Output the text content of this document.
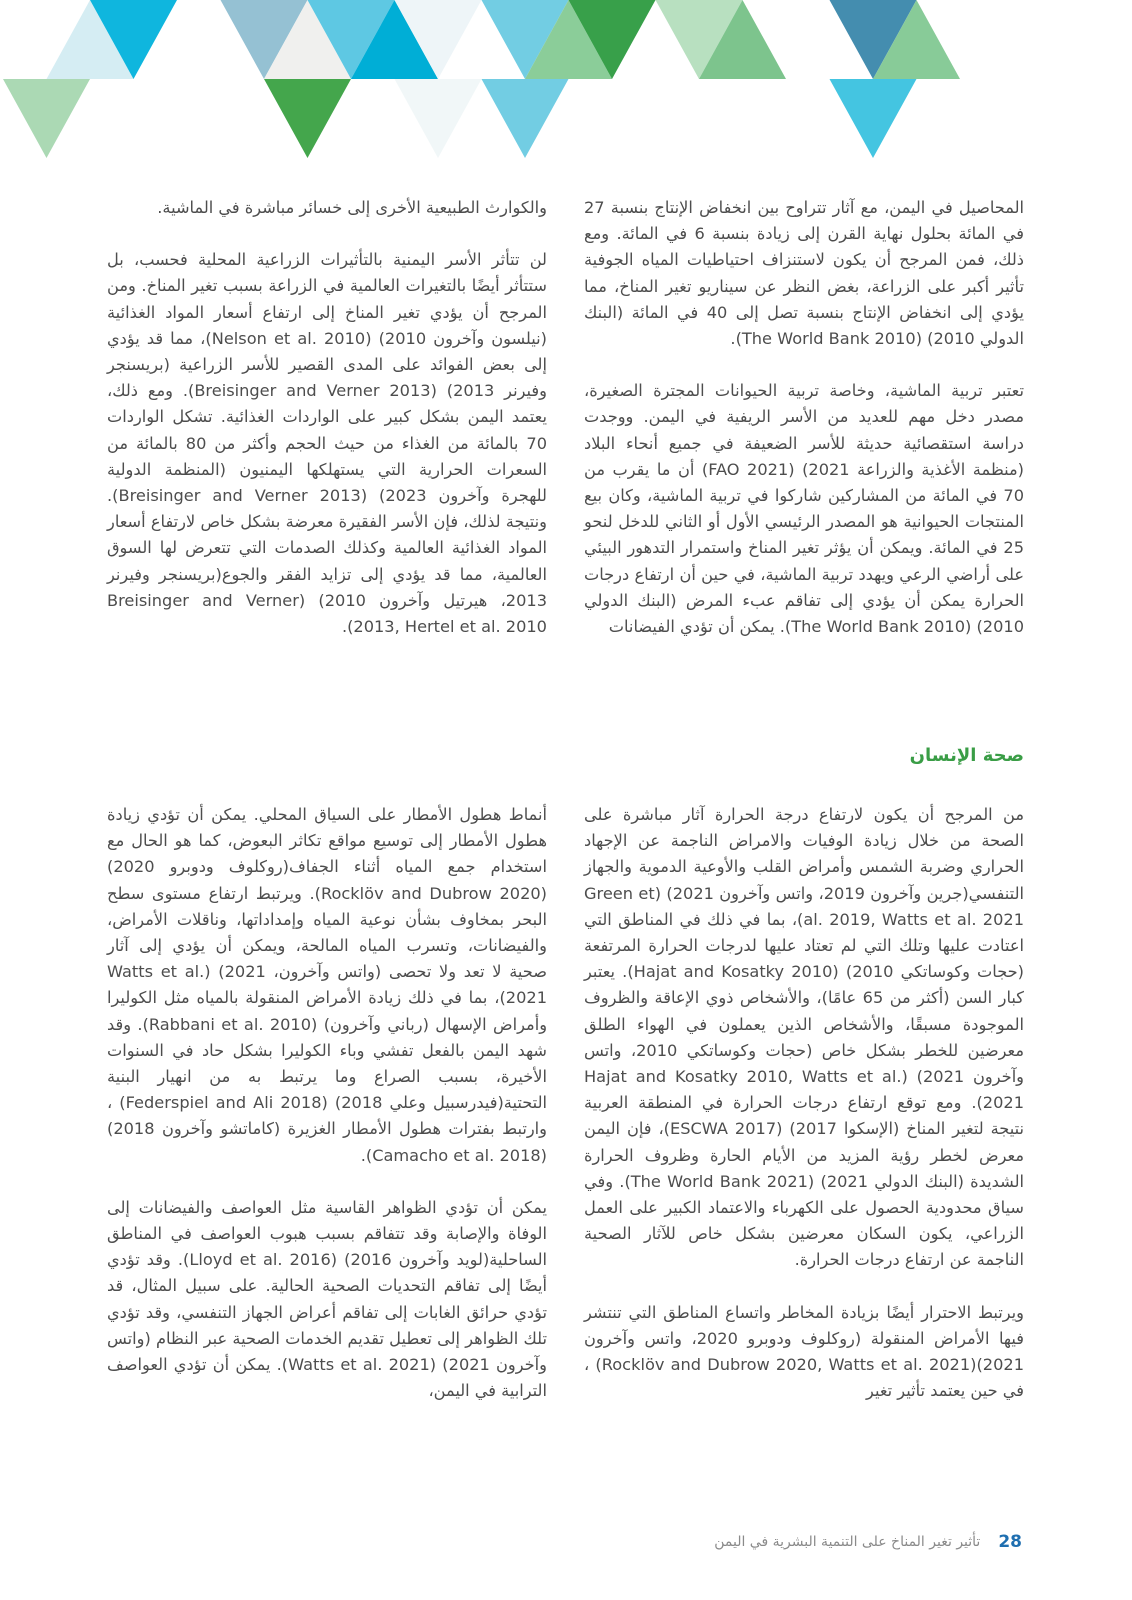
المحاصيل في اليمن، مع آثار تتراوح بين انخفاض الإنتاج بنسبة 27 في المائة بحلول نهاية القرن إلى زيادة بنسبة 6 في المائة. ومع ذلك، فمن المرجح أن يكون لاستنزاف احتياطيات المياه الجوفية تأثير أكبر على الزراعة، بغض النظر عن سيناريو تغير المناخ، مما يؤدي إلى انخفاض الإنتاج بنسبة تصل إلى 40 في المائة (البنك الدولي 2010) (The World Bank 2010).

تعتبر تربية الماشية، وخاصة تربية الحيوانات المجترة الصغيرة، مصدر دخل مهم للعديد من الأسر الريفية في اليمن. ووجدت دراسة استقصائية حديثة للأسر الضعيفة في جميع أنحاء البلاد (منظمة الأغذية والزراعة 2021) (FAO 2021) أن ما يقرب من 70 في المائة من المشاركين شاركوا في تربية الماشية، وكان بيع المنتجات الحيوانية هو المصدر الرئيسي الأول أو الثاني للدخل لنحو 25 في المائة. ويمكن أن يؤثر تغير المناخ واستمرار التدهور البيئي على أراضي الرعي ويهدد تربية الماشية، في حين أن ارتفاع درجات الحرارة يمكن أن يؤدي إلى تفاقم عبء المرض (البنك الدولي 2010) (The World Bank 2010). يمكن أن تؤدي الفيضانات

والكوارث الطبيعية الأخرى إلى خسائر مباشرة في الماشية.

لن تتأثر الأسر اليمنية بالتأثيرات الزراعية المحلية فحسب، بل ستتأثر أيضًا بالتغيرات العالمية في الزراعة بسبب تغير المناخ. ومن المرجح أن يؤدي تغير المناخ إلى ارتفاع أسعار المواد الغذائية (نيلسون وآخرون 2010) (Nelson et al. 2010)، مما قد يؤدي إلى بعض الفوائد على المدى القصير للأسر الزراعية (بريسنجر وفيرنر 2013) (Breisinger and Verner 2013). ومع ذلك، يعتمد اليمن بشكل كبير على الواردات الغذائية. تشكل الواردات 70 بالمائة من الغذاء من حيث الحجم وأكثر من 80 بالمائة من السعرات الحرارية التي يستهلكها اليمنيون (المنظمة الدولية للهجرة وآخرون 2023) (Breisinger and Verner 2013). ونتيجة لذلك، فإن الأسر الفقيرة معرضة بشكل خاص لارتفاع أسعار المواد الغذائية العالمية وكذلك الصدمات التي تتعرض لها السوق العالمية، مما قد يؤدي إلى تزايد الفقر والجوع(بريسنجر وفيرنر 2013، هيرتيل وآخرون 2010) (Breisinger and Verner 2013, Hertel et al. 2010).

صحة الإنسان

من المرجح أن يكون لارتفاع درجة الحرارة آثار مباشرة على الصحة من خلال زيادة الوفيات والامراض الناجمة عن الإجهاد الحراري وضربة الشمس وأمراض القلب والأوعية الدموية والجهاز التنفسي(جرين وآخرون 2019، واتس وآخرون 2021) (Green et al. 2019, Watts et al. 2021)، بما في ذلك في المناطق التي اعتادت عليها وتلك التي لم تعتاد عليها لدرجات الحرارة المرتفعة (حجات وكوساتكي 2010) (Hajat and Kosatky 2010). يعتبر كبار السن (أكثر من 65 عامًا)، والأشخاص ذوي الإعاقة والظروف الموجودة مسبقًا، والأشخاص الذين يعملون في الهواء الطلق معرضين للخطر بشكل خاص (حجات وكوساتكي 2010، واتس وآخرون 2021) (Hajat and Kosatky 2010, Watts et al. 2021). ومع توقع ارتفاع درجات الحرارة في المنطقة العربية نتيجة لتغير المناخ (الإسكوا 2017) (ESCWA 2017)، فإن اليمن معرض لخطر رؤية المزيد من الأيام الحارة وظروف الحرارة الشديدة (البنك الدولي 2021) (The World Bank 2021). وفي سياق محدودية الحصول على الكهرباء والاعتماد الكبير على العمل الزراعي، يكون السكان معرضين بشكل خاص للآثار الصحية الناجمة عن ارتفاع درجات الحرارة.

ويرتبط الاحترار أيضًا بزيادة المخاطر واتساع المناطق التي تنتشر فيها الأمراض المنقولة (روكلوف ودوبرو 2020، واتس وآخرون 2021)(Rocklöv and Dubrow 2020, Watts et al. 2021) ، في حين يعتمد تأثير تغير

أنماط هطول الأمطار على السياق المحلي. يمكن أن تؤدي زيادة هطول الأمطار إلى توسيع مواقع تكاثر البعوض، كما هو الحال مع استخدام جمع المياه أثناء الجفاف(روكلوف ودوبرو 2020) (Rocklöv and Dubrow 2020). ويرتبط ارتفاع مستوى سطح البحر بمخاوف بشأن نوعية المياه وإمداداتها، وناقلات الأمراض، والفيضانات، وتسرب المياه المالحة، ويمكن أن يؤدي إلى آثار صحية لا تعد ولا تحصى (واتس وآخرون، 2021) (Watts et al. 2021)، بما في ذلك زيادة الأمراض المنقولة بالمياه مثل الكوليرا وأمراض الإسهال (رباني وآخرون) (Rabbani et al. 2010). وقد شهد اليمن بالفعل تفشي وباء الكوليرا بشكل حاد في السنوات الأخيرة، بسبب الصراع وما يرتبط به من انهيار البنية التحتية(فيدرسبيل وعلي 2018) (Federspiel and Ali 2018) ، وارتبط بفترات هطول الأمطار الغزيرة (كاماتشو وآخرون 2018) (Camacho et al. 2018).

يمكن أن تؤدي الظواهر القاسية مثل العواصف والفيضانات إلى الوفاة والإصابة وقد تتفاقم بسبب هبوب العواصف في المناطق الساحلية(لويد وآخرون 2016) (Lloyd et al. 2016). وقد تؤدي أيضًا إلى تفاقم التحديات الصحية الحالية. على سبيل المثال، قد تؤدي حرائق الغابات إلى تفاقم أعراض الجهاز التنفسي، وقد تؤدي تلك الظواهر إلى تعطيل تقديم الخدمات الصحية عبر النظام (واتس وآخرون 2021) (Watts et al. 2021). يمكن أن تؤدي العواصف الترابية في اليمن،

28
تأثير تغير المناخ على التنمية البشرية في اليمن
